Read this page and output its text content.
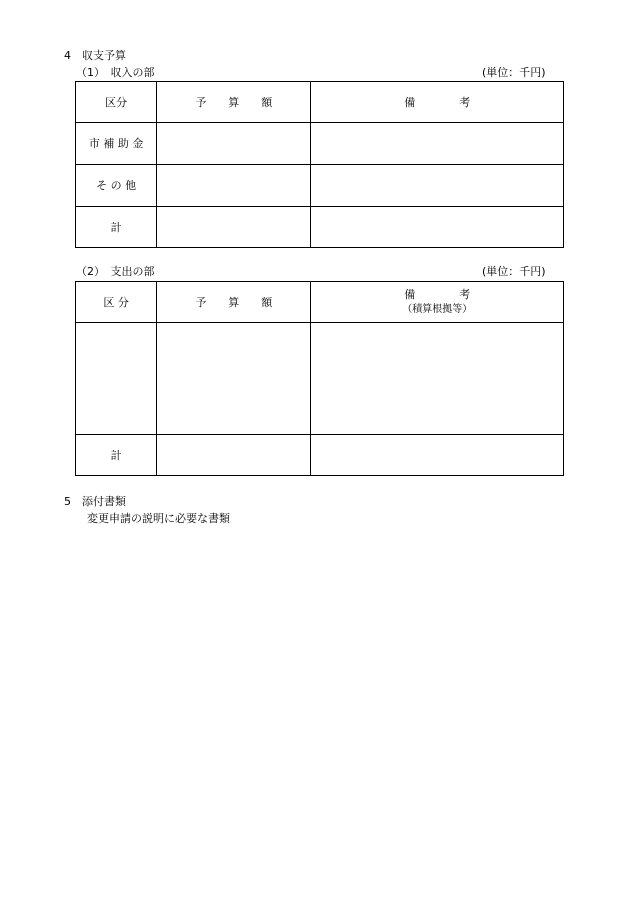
4　収支予算
（1）　収入の部	(単位：千円)
区分	予　　算　　額	備　　　　考
市 補 助 金		
そ の 他		
計		
（2）　支出の部	(単位：千円)
区 分	予　　算　　額	備　　　　考
（積算根拠等）

計		
5　添付書類
変更申請の説明に必要な書類
